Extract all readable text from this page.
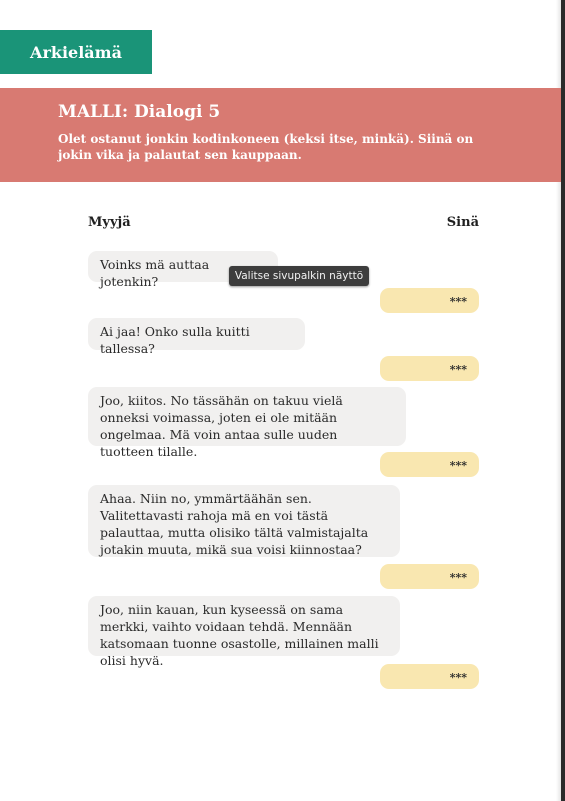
Arkielämä
MALLI: Dialogi 5

Olet ostanut jonkin kodinkoneen (keksi itse, minkä). Siinä on jokin vika ja palautat sen kauppaan.

Myyjä	Sinä
Voinks mä auttaa jotenkin?
***
Ai jaa! Onko sulla kuitti tallessa?
***
Joo, kiitos. No tässähän on takuu vielä onneksi voimassa, joten ei ole mitään ongelmaa. Mä voin antaa sulle uuden tuotteen tilalle.
***
Ahaa. Niin no, ymmärtäähän sen. Valitettavasti rahoja mä en voi tästä palauttaa, mutta olisiko tältä valmistajalta jotakin muuta, mikä sua voisi kiinnostaa?
***
Joo, niin kauan, kun kyseessä on sama merkki, vaihto voidaan tehdä. Mennään katsomaan tuonne osastolle, millainen malli olisi hyvä.
***
Valitse sivupalkin näyttö
